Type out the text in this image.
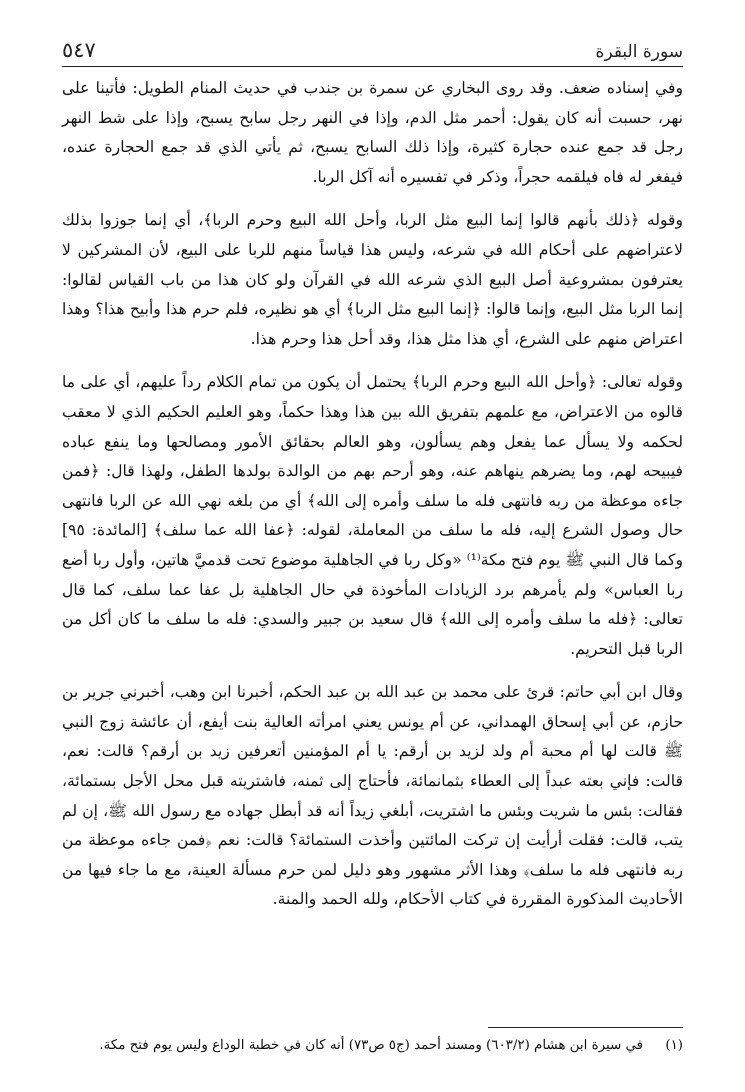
سورة البقرة
٥٤٧

وفي إسناده ضعف. وقد روى البخاري عن سمرة بن جندب في حديث المنام الطويل: فأتينا على نهر، حسبت أنه كان يقول: أحمر مثل الدم، وإذا في النهر رجل سابح يسبح، وإذا على شط النهر رجل قد جمع عنده حجارة كثيرة، وإذا ذلك السابح يسبح، ثم يأتي الذي قد جمع الحجارة عنده، فيفغر له فاه فيلقمه حجراً، وذكر في تفسيره أنه آكل الربا.

وقوله ﴿ذلك بأنهم قالوا إنما البيع مثل الربا، وأحل الله البيع وحرم الربا﴾، أي إنما جوزوا بذلك لاعتراضهم على أحكام الله في شرعه، وليس هذا قياساً منهم للربا على البيع، لأن المشركين لا يعترفون بمشروعية أصل البيع الذي شرعه الله في القرآن ولو كان هذا من باب القياس لقالوا: إنما الربا مثل البيع، وإنما قالوا: ﴿إنما البيع مثل الربا﴾ أي هو نظيره، فلم حرم هذا وأبيح هذا؟ وهذا اعتراض منهم على الشرع، أي هذا مثل هذا، وقد أحل هذا وحرم هذا.

وقوله تعالى: ﴿وأحل الله البيع وحرم الربا﴾ يحتمل أن يكون من تمام الكلام رداً عليهم، أي على ما قالوه من الاعتراض، مع علمهم بتفريق الله بين هذا وهذا حكماً، وهو العليم الحكيم الذي لا معقب لحكمه ولا يسأل عما يفعل وهم يسألون، وهو العالم بحقائق الأمور ومصالحها وما ينفع عباده فيبيحه لهم، وما يضرهم ينهاهم عنه، وهو أرحم بهم من الوالدة بولدها الطفل، ولهذا قال: ﴿فمن جاءه موعظة من ربه فانتهى فله ما سلف وأمره إلى الله﴾ أي من بلغه نهي الله عن الربا فانتهى حال وصول الشرع إليه، فله ما سلف من المعاملة، لقوله: ﴿عفا الله عما سلف﴾ [المائدة: ٩٥] وكما قال النبي ﷺ يوم فتح مكة⁽¹⁾ «وكل ربا في الجاهلية موضوع تحت قدميَّ هاتين، وأول ربا أضع ربا العباس» ولم يأمرهم برد الزيادات المأخوذة في حال الجاهلية بل عفا عما سلف، كما قال تعالى: ﴿فله ما سلف وأمره إلى الله﴾ قال سعيد بن جبير والسدي: فله ما سلف ما كان أكل من الربا قبل التحريم.

وقال ابن أبي حاتم: قرئ على محمد بن عبد الله بن عبد الحكم، أخبرنا ابن وهب، أخبرني جرير بن حازم، عن أبي إسحاق الهمداني، عن أم يونس يعني امرأته العالية بنت أيفع، أن عائشة زوج النبي ﷺ قالت لها أم محبة أم ولد لزيد بن أرقم: يا أم المؤمنين أتعرفين زيد بن أرقم؟ قالت: نعم، قالت: فإني بعته عبداً إلى العطاء بثمانمائة، فأحتاج إلى ثمنه، فاشتريته قبل محل الأجل بستمائة، فقالت: بئس ما شريت وبئس ما اشتريت، أبلغي زيداً أنه قد أبطل جهاده مع رسول الله ﷺ، إن لم يتب، قالت: فقلت أرأيت إن تركت المائتين وأخذت الستمائة؟ قالت: نعم ﴿فمن جاءه موعظة من ربه فانتهى فله ما سلف﴾ وهذا الأثر مشهور وهو دليل لمن حرم مسألة العينة، مع ما جاء فيها من الأحاديث المذكورة المقررة في كتاب الأحكام، ولله الحمد والمنة.

(١) في سيرة ابن هشام (٦٠٣/٢) ومسند أحمد (ج٥ ص٧٣) أنه كان في خطبة الوداع وليس يوم فتح مكة.
